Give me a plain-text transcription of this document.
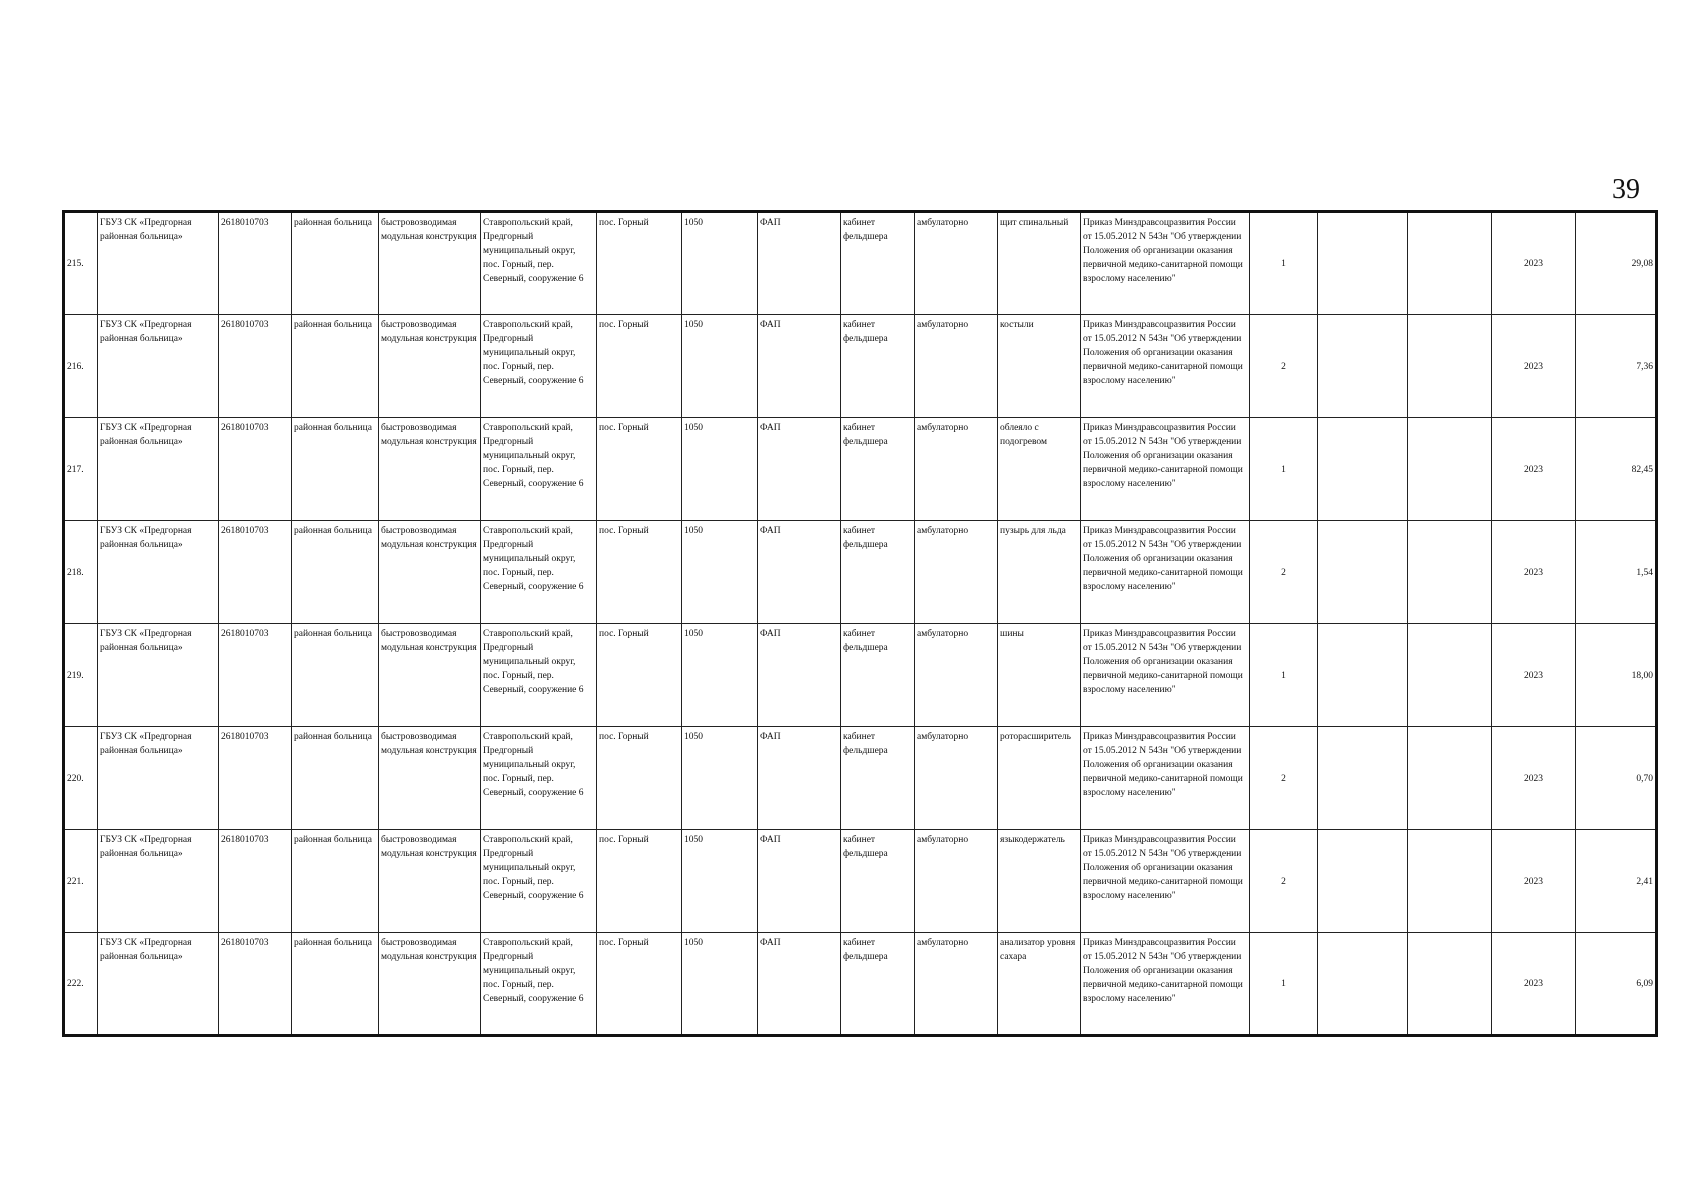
39
215.	ГБУЗ СК «Предгорная районная больница»	2618010703	районная больница	быстровозводимая модульная конструкция	Ставропольский край, Предгорный муниципальный округ, пос. Горный, пер. Северный, сооружение 6	пос. Горный	1050	ФАП	кабинет фельдшера	амбулаторно	щит спинальный	Приказ Минздравсоцразвития России от 15.05.2012 N 543н "Об утверждении Положения об организации оказания первичной медико-санитарной помощи взрослому населению"	1			2023	29,08
216.	ГБУЗ СК «Предгорная районная больница»	2618010703	районная больница	быстровозводимая модульная конструкция	Ставропольский край, Предгорный муниципальный округ, пос. Горный, пер. Северный, сооружение 6	пос. Горный	1050	ФАП	кабинет фельдшера	амбулаторно	костыли	Приказ Минздравсоцразвития России от 15.05.2012 N 543н "Об утверждении Положения об организации оказания первичной медико-санитарной помощи взрослому населению"	2			2023	7,36
217.	ГБУЗ СК «Предгорная районная больница»	2618010703	районная больница	быстровозводимая модульная конструкция	Ставропольский край, Предгорный муниципальный округ, пос. Горный, пер. Северный, сооружение 6	пос. Горный	1050	ФАП	кабинет фельдшера	амбулаторно	облеяло с подогревом	Приказ Минздравсоцразвития России от 15.05.2012 N 543н "Об утверждении Положения об организации оказания первичной медико-санитарной помощи взрослому населению"	1			2023	82,45
218.	ГБУЗ СК «Предгорная районная больница»	2618010703	районная больница	быстровозводимая модульная конструкция	Ставропольский край, Предгорный муниципальный округ, пос. Горный, пер. Северный, сооружение 6	пос. Горный	1050	ФАП	кабинет фельдшера	амбулаторно	пузырь для льда	Приказ Минздравсоцразвития России от 15.05.2012 N 543н "Об утверждении Положения об организации оказания первичной медико-санитарной помощи взрослому населению"	2			2023	1,54
219.	ГБУЗ СК «Предгорная районная больница»	2618010703	районная больница	быстровозводимая модульная конструкция	Ставропольский край, Предгорный муниципальный округ, пос. Горный, пер. Северный, сооружение 6	пос. Горный	1050	ФАП	кабинет фельдшера	амбулаторно	шины	Приказ Минздравсоцразвития России от 15.05.2012 N 543н "Об утверждении Положения об организации оказания первичной медико-санитарной помощи взрослому населению"	1			2023	18,00
220.	ГБУЗ СК «Предгорная районная больница»	2618010703	районная больница	быстровозводимая модульная конструкция	Ставропольский край, Предгорный муниципальный округ, пос. Горный, пер. Северный, сооружение 6	пос. Горный	1050	ФАП	кабинет фельдшера	амбулаторно	роторасширитель	Приказ Минздравсоцразвития России от 15.05.2012 N 543н "Об утверждении Положения об организации оказания первичной медико-санитарной помощи взрослому населению"	2			2023	0,70
221.	ГБУЗ СК «Предгорная районная больница»	2618010703	районная больница	быстровозводимая модульная конструкция	Ставропольский край, Предгорный муниципальный округ, пос. Горный, пер. Северный, сооружение 6	пос. Горный	1050	ФАП	кабинет фельдшера	амбулаторно	языкодержатель	Приказ Минздравсоцразвития России от 15.05.2012 N 543н "Об утверждении Положения об организации оказания первичной медико-санитарной помощи взрослому населению"	2			2023	2,41
222.	ГБУЗ СК «Предгорная районная больница»	2618010703	районная больница	быстровозводимая модульная конструкция	Ставропольский край, Предгорный муниципальный округ, пос. Горный, пер. Северный, сооружение 6	пос. Горный	1050	ФАП	кабинет фельдшера	амбулаторно	анализатор уровня сахара	Приказ Минздравсоцразвития России от 15.05.2012 N 543н "Об утверждении Положения об организации оказания первичной медико-санитарной помощи взрослому населению"	1			2023	6,09
